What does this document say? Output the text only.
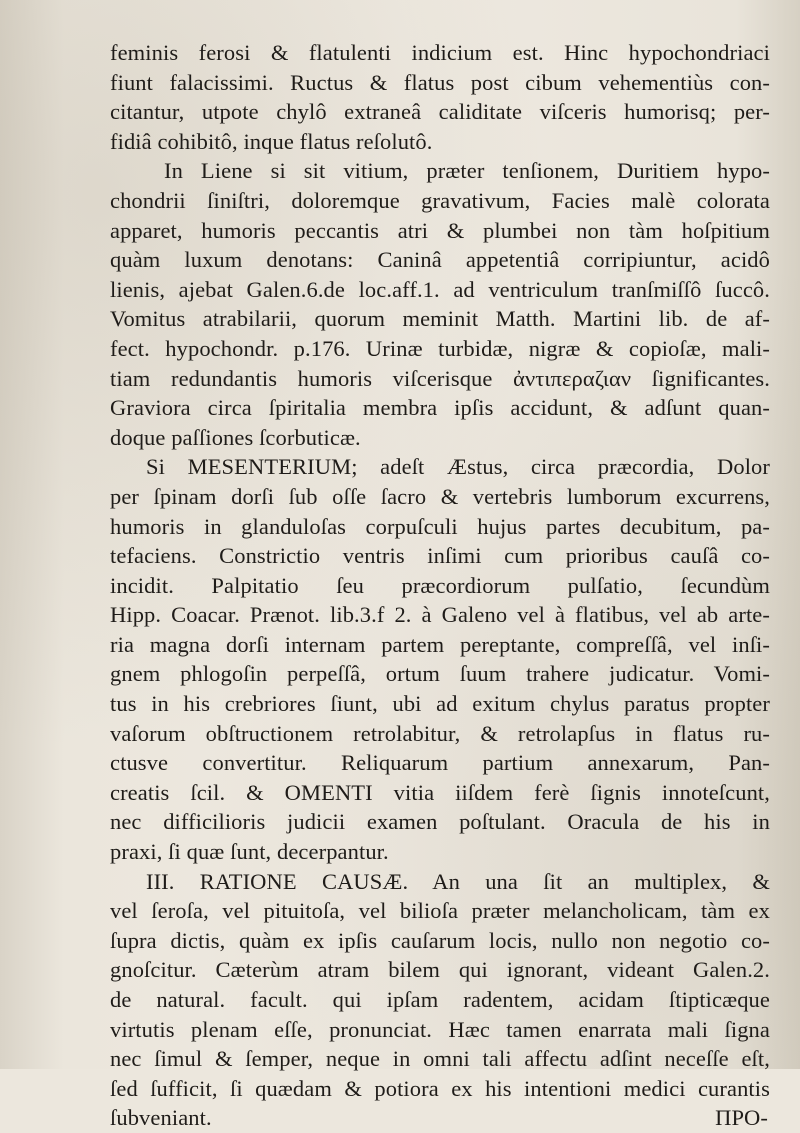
feminis ferosi & flatulenti indicium est. Hinc hypochondriaci
fiunt falacissimi. Ructus & flatus post cibum vehementiùs con-
citantur, utpote chylô extraneâ caliditate viſceris humorisq; per-
fidiâ cohibitô, inque flatus reſolutô.
In Liene si sit vitium, præter tenſionem, Duritiem hypo-
chondrii ſiniſtri, doloremque gravativum, Facies malè colorata
apparet, humoris peccantis atri & plumbei non tàm hoſpitium
quàm luxum denotans: Caninâ appetentiâ corripiuntur, acidô
lienis, ajebat Galen.6.de loc.aff.1. ad ventriculum tranſmiſſô ſuccô.
Vomitus atrabilarii, quorum meminit Matth. Martini lib. de af-
fect. hypochondr. p.176. Urinæ turbidæ, nigræ & copioſæ, mali-
tiam redundantis humoris viſcerisque ἀντιπεραζιαν ſignificantes.
Graviora circa ſpiritalia membra ipſis accidunt, & adſunt quan-
doque paſſiones ſcorbuticæ.
Si MESENTERIUM; adeſt Æstus, circa præcordia, Dolor
per ſpinam dorſi ſub oſſe ſacro & vertebris lumborum excurrens,
humoris in glanduloſas corpuſculi hujus partes decubitum, pa-
tefaciens. Constrictio ventris inſimi cum prioribus cauſâ co-
incidit. Palpitatio ſeu præcordiorum pulſatio, ſecundùm
Hipp. Coacar. Prænot. lib.3.f 2. à Galeno vel à flatibus, vel ab arte-
ria magna dorſi internam partem pereptante, compreſſâ, vel inſi-
gnem phlogoſin perpeſſâ, ortum ſuum trahere judicatur. Vomi-
tus in his crebriores ſiunt, ubi ad exitum chylus paratus propter
vaſorum obſtructionem retrolabitur, & retrolapſus in flatus ru-
ctusve convertitur. Reliquarum partium annexarum, Pan-
creatis ſcil. & OMENTI vitia iiſdem ferè ſignis innoteſcunt,
nec difficilioris judicii examen poſtulant. Oracula de his in
praxi, ſi quæ ſunt, decerpantur.
III. RATIONE CAUSÆ. An una ſit an multiplex, &
vel ſeroſa, vel pituitoſa, vel bilioſa præter melancholicam, tàm ex
ſupra dictis, quàm ex ipſis cauſarum locis, nullo non negotio co-
gnoſcitur. Cæterùm atram bilem qui ignorant, videant Galen.2.
de natural. facult. qui ipſam radentem, acidam ſtipticæque
virtutis plenam eſſe, pronunciat. Hæc tamen enarrata mali ſigna
nec ſimul & ſemper, neque in omni tali affectu adſint neceſſe eſt,
ſed ſufficit, ſi quædam & potiora ex his intentioni medici curantis
ſubveniant.	ΠΡΟ-
